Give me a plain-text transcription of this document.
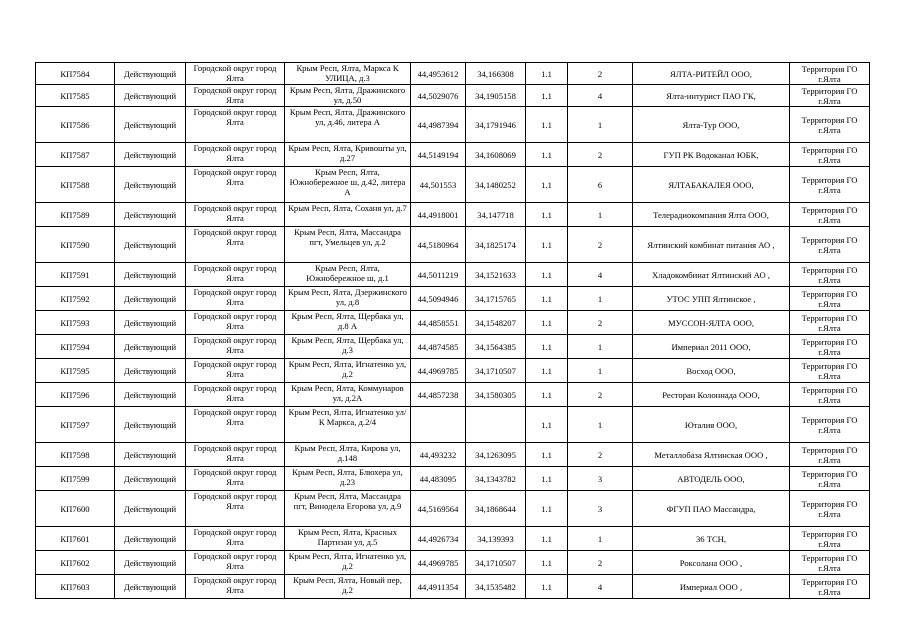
КП7584	Действующий	Городской округ город Ялта	Крым Респ, Ялта, Маркса К УЛИЦА, д.3	44,4953612	34,166308	1.1	2	ЯЛТА-РИТЕЙЛ ООО,	Территория ГО г.Ялта
КП7585	Действующий	Городской округ город Ялта	Крым Респ, Ялта, Дражинского ул, д.50	44,5029076	34,1905158	1.1	4	Ялта-интурист ПАО ГК,	Территория ГО г.Ялта
КП7586	Действующий	Городской округ город Ялта	Крым Респ, Ялта, Дражинского ул, д.46, литера А	44,4987394	34,1791946	1.1	1	Ялта-Тур ООО,	Территория ГО г.Ялта
КП7587	Действующий	Городской округ город Ялта	Крым Респ, Ялта, Кривошты ул, д.27	44,5149194	34,1608069	1.1	2	ГУП РК Водоканал ЮБК,	Территория ГО г.Ялта
КП7588	Действующий	Городской округ город Ялта	Крым Респ, Ялта, Южнобережное ш, д.42, литера А	44,501553	34,1480252	1.1	6	ЯЛТАБАКАЛЕЯ ООО,	Территория ГО г.Ялта
КП7589	Действующий	Городской округ город Ялта	Крым Респ, Ялта, Соханя ул, д.7	44,4918001	34,147718	1.1	1	Телерадиокомпания Ялта ООО,	Территория ГО г.Ялта
КП7590	Действующий	Городской округ город Ялта	Крым Респ, Ялта, Массандра пгт, Умельцев ул, д.2	44,5180964	34,1825174	1.1	2	Ялтинский комбинат питания АО ,	Территория ГО г.Ялта
КП7591	Действующий	Городской округ город Ялта	Крым Респ, Ялта, Южнобережное ш, д.1	44,5011219	34,1521633	1.1	4	Хладокомбинат Ялтинский АО ,	Территория ГО г.Ялта
КП7592	Действующий	Городской округ город Ялта	Крым Респ, Ялта, Дзержинского ул, д.8	44,5094946	34,1715765	1.1	1	УТОС УПП Ялтинское ,	Территория ГО г.Ялта
КП7593	Действующий	Городской округ город Ялта	Крым Респ, Ялта, Щербака ул, д.8 А	44,4858551	34,1548207	1.1	2	МУССОН-ЯЛТА ООО,	Территория ГО г.Ялта
КП7594	Действующий	Городской округ город Ялта	Крым Респ, Ялта, Щербака ул, д.3	44,4874585	34,1564385	1.1	1	Империал 2011 ООО,	Территория ГО г.Ялта
КП7595	Действующий	Городской округ город Ялта	Крым Респ, Ялта, Игнатенко ул, д.2	44,4969785	34,1710507	1.1	1	Восход ООО,	Территория ГО г.Ялта
КП7596	Действующий	Городской округ город Ялта	Крым Респ, Ялта, Коммунаров ул, д.2А	44,4857238	34,1580305	1.1	2	Ресторан Колоннада ООО,	Территория ГО г.Ялта
КП7597	Действующий	Городской округ город Ялта	Крым Респ, Ялта, Игнатенко ул/К Маркса, д.2/4			1.1	1	Юталия ООО,	Территория ГО г.Ялта
КП7598	Действующий	Городской округ город Ялта	Крым Респ, Ялта, Кирова ул, д.148	44,493232	34,1263095	1.1	2	Металлобаза Ялтинская ООО ,	Территория ГО г.Ялта
КП7599	Действующий	Городской округ город Ялта	Крым Респ, Ялта, Блюхера ул, д.23	44,483095	34,1343782	1.1	3	АВТОДЕЛЬ ООО,	Территория ГО г.Ялта
КП7600	Действующий	Городской округ город Ялта	Крым Респ, Ялта, Массандра пгт, Винодела Егорова ул, д.9	44,5169564	34,1868644	1.1	3	ФГУП ПАО Массандра,	Территория ГО г.Ялта
КП7601	Действующий	Городской округ город Ялта	Крым Респ, Ялта, Красных Партизан ул, д.5	44,4926734	34,139393	1.1	1	36 ТСН,	Территория ГО г.Ялта
КП7602	Действующий	Городской округ город Ялта	Крым Респ, Ялта, Игнатенко ул, д.2	44,4969785	34,1710507	1.1	2	Роксолана ООО ,	Территория ГО г.Ялта
КП7603	Действующий	Городской округ город Ялта	Крым Респ, Ялта, Новый пер, д.2	44,4911354	34,1535482	1.1	4	Империал ООО ,	Территория ГО г.Ялта
